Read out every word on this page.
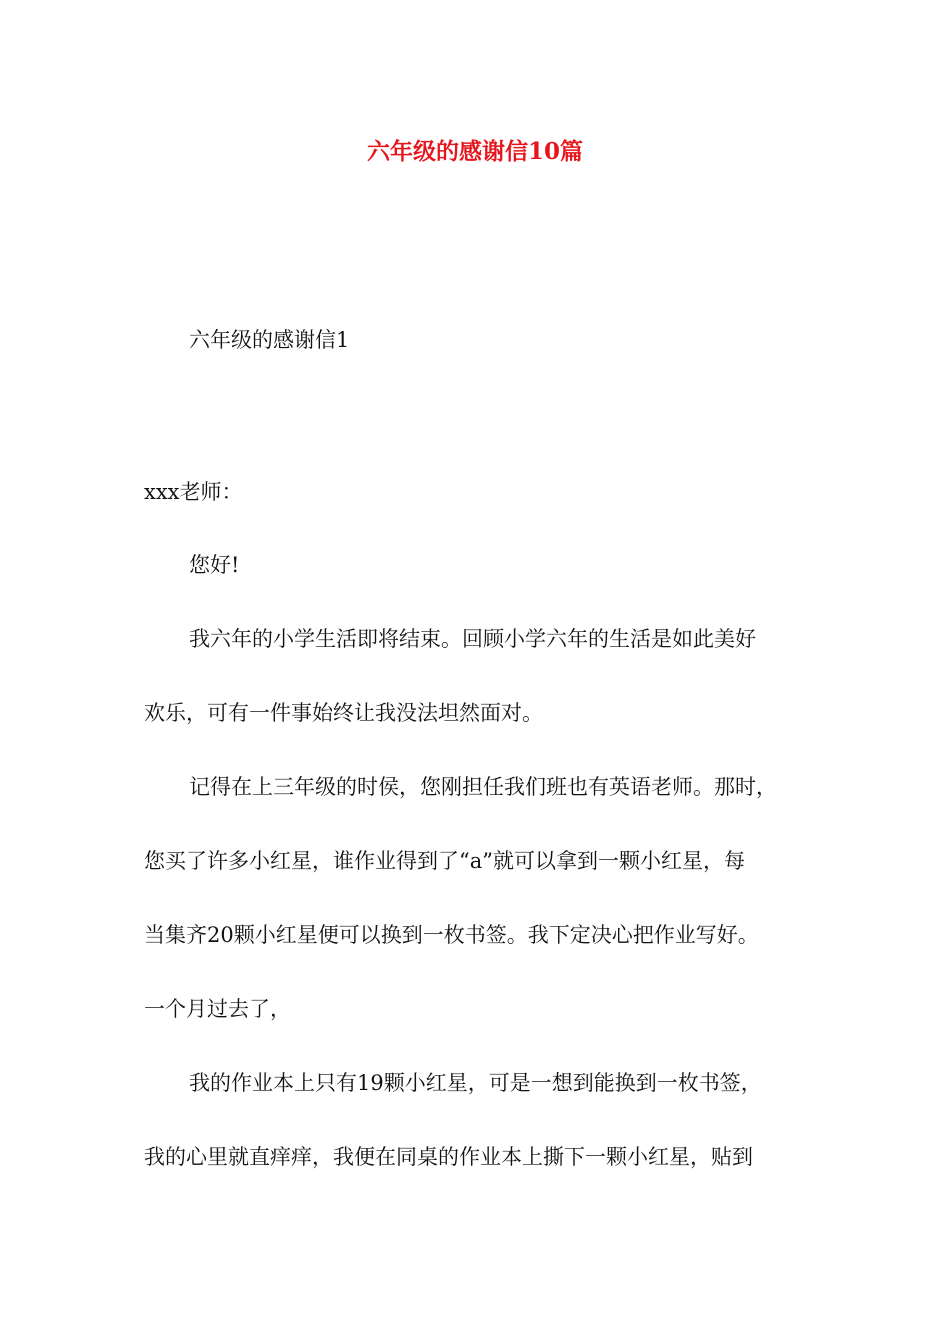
六年级的感谢信10篇
六年级的感谢信1
xxx老师：
您好!
我六年的小学生活即将结束。回顾小学六年的生活是如此美好
欢乐，可有一件事始终让我没法坦然面对。
记得在上三年级的时侯，您刚担任我们班也有英语老师。那时，
您买了许多小红星，谁作业得到了“a”就可以拿到一颗小红星，每
当集齐20颗小红星便可以换到一枚书签。我下定决心把作业写好。
一个月过去了，
我的作业本上只有19颗小红星，可是一想到能换到一枚书签，
我的心里就直痒痒，我便在同桌的作业本上撕下一颗小红星，贴到
